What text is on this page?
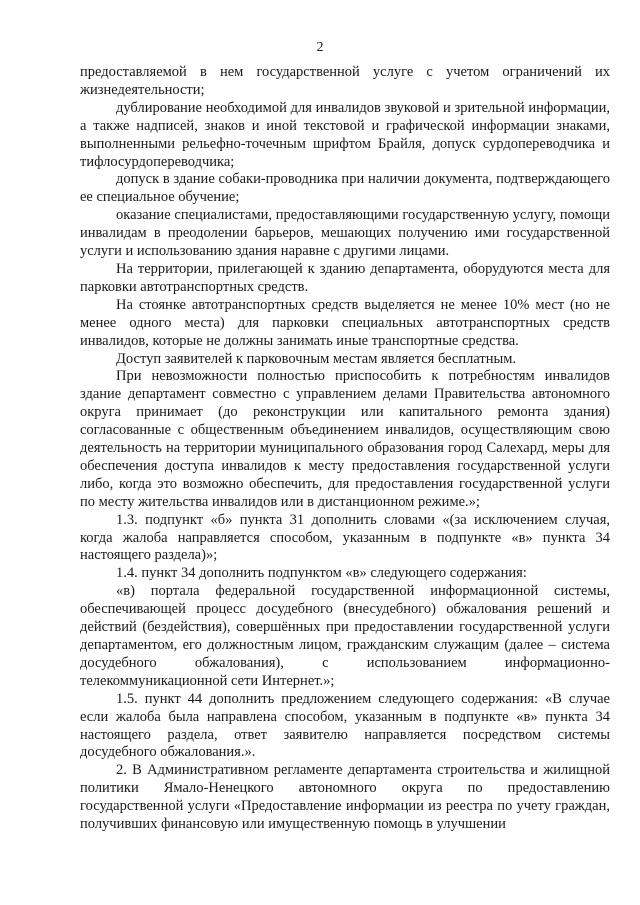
2

предоставляемой в нем государственной услуге с учетом ограничений их жизнедеятельности;

дублирование необходимой для инвалидов звуковой и зрительной информации, а также надписей, знаков и иной текстовой и графической информации знаками, выполненными рельефно-точечным шрифтом Брайля, допуск сурдопереводчика и тифлосурдопереводчика;

допуск в здание собаки-проводника при наличии документа, подтверждающего ее специальное обучение;

оказание специалистами, предоставляющими государственную услугу, помощи инвалидам в преодолении барьеров, мешающих получению ими государственной услуги и использованию здания наравне с другими лицами.

На территории, прилегающей к зданию департамента, оборудуются места для парковки автотранспортных средств.

На стоянке автотранспортных средств выделяется не менее 10% мест (но не менее одного места) для парковки специальных автотранспортных средств инвалидов, которые не должны занимать иные транспортные средства.

Доступ заявителей к парковочным местам является бесплатным.

При невозможности полностью приспособить к потребностям инвалидов здание департамент совместно с управлением делами Правительства автономного округа принимает (до реконструкции или капитального ремонта здания) согласованные с общественным объединением инвалидов, осуществляющим свою деятельность на территории муниципального образования город Салехард, меры для обеспечения доступа инвалидов к месту предоставления государственной услуги либо, когда это возможно обеспечить, для предоставления государственной услуги по месту жительства инвалидов или в дистанционном режиме.»;

1.3. подпункт «б» пункта 31 дополнить словами «(за исключением случая, когда жалоба направляется способом, указанным в подпункте «в» пункта 34 настоящего раздела)»;

1.4. пункт 34 дополнить подпунктом «в» следующего содержания:

«в) портала федеральной государственной информационной системы, обеспечивающей процесс досудебного (внесудебного) обжалования решений и действий (бездействия), совершённых при предоставлении государственной услуги департаментом, его должностным лицом, гражданским служащим (далее – система досудебного обжалования), с использованием информационно-телекоммуникационной сети Интернет.»;

1.5. пункт 44 дополнить предложением следующего содержания: «В случае если жалоба была направлена способом, указанным в подпункте «в» пункта 34 настоящего раздела, ответ заявителю направляется посредством системы досудебного обжалования.».

2. В Административном регламенте департамента строительства и жилищной политики Ямало-Ненецкого автономного округа по предоставлению государственной услуги «Предоставление информации из реестра по учету граждан, получивших финансовую или имущественную помощь в улучшении
